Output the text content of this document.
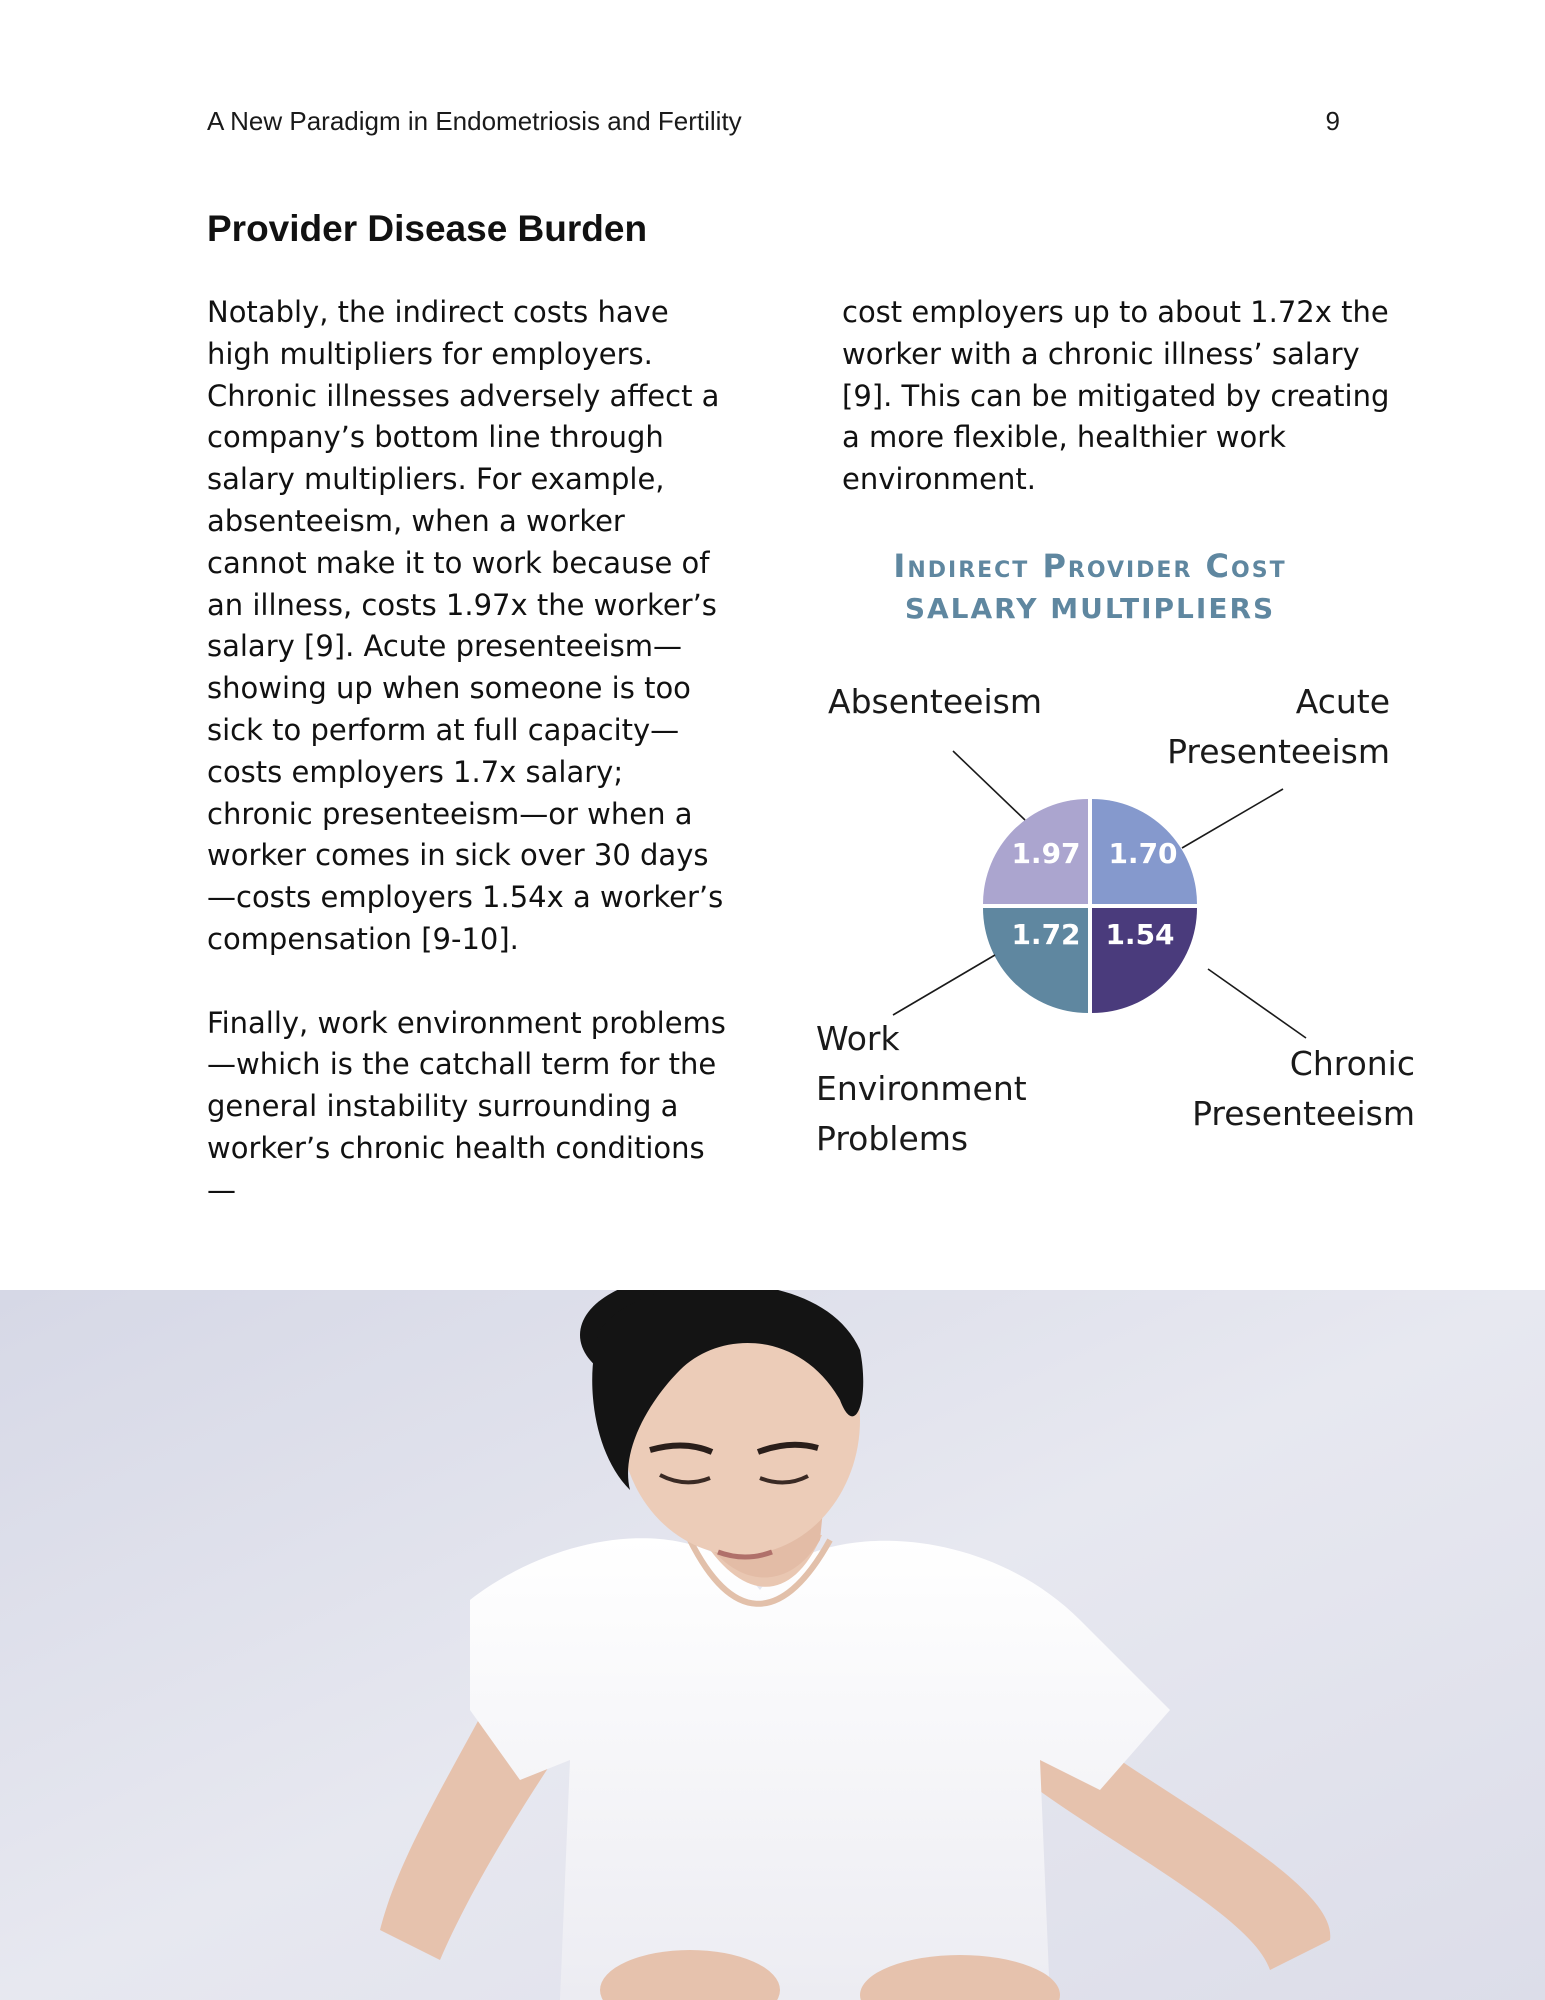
A New Paradigm in Endometriosis and Fertility	9
Provider Disease Burden

Notably, the indirect costs have high multipliers for employers. Chronic illnesses adversely affect a company’s bottom line through salary multipliers. For example, absenteeism, when a worker cannot make it to work because of an illness, costs 1.97x the worker’s salary [9]. Acute presenteeism—showing up when someone is too sick to perform at full capacity—costs employers 1.7x salary; chronic presenteeism—or when a worker comes in sick over 30 days—costs employers 1.54x a worker’s compensation [9-10].

Finally, work environment problems—which is the catchall term for the general instability surrounding a worker’s chronic health conditions—

cost employers up to about 1.72x the worker with a chronic illness’ salary [9]. This can be mitigated by creating a more flexible, healthier work environment.

Indirect Provider Cost
SALARY MULTIPLIERS
1.97
Absenteeism
1.70
Acute Presenteeism
1.54
Chronic Presenteeism
1.72
Work Environment Problems
